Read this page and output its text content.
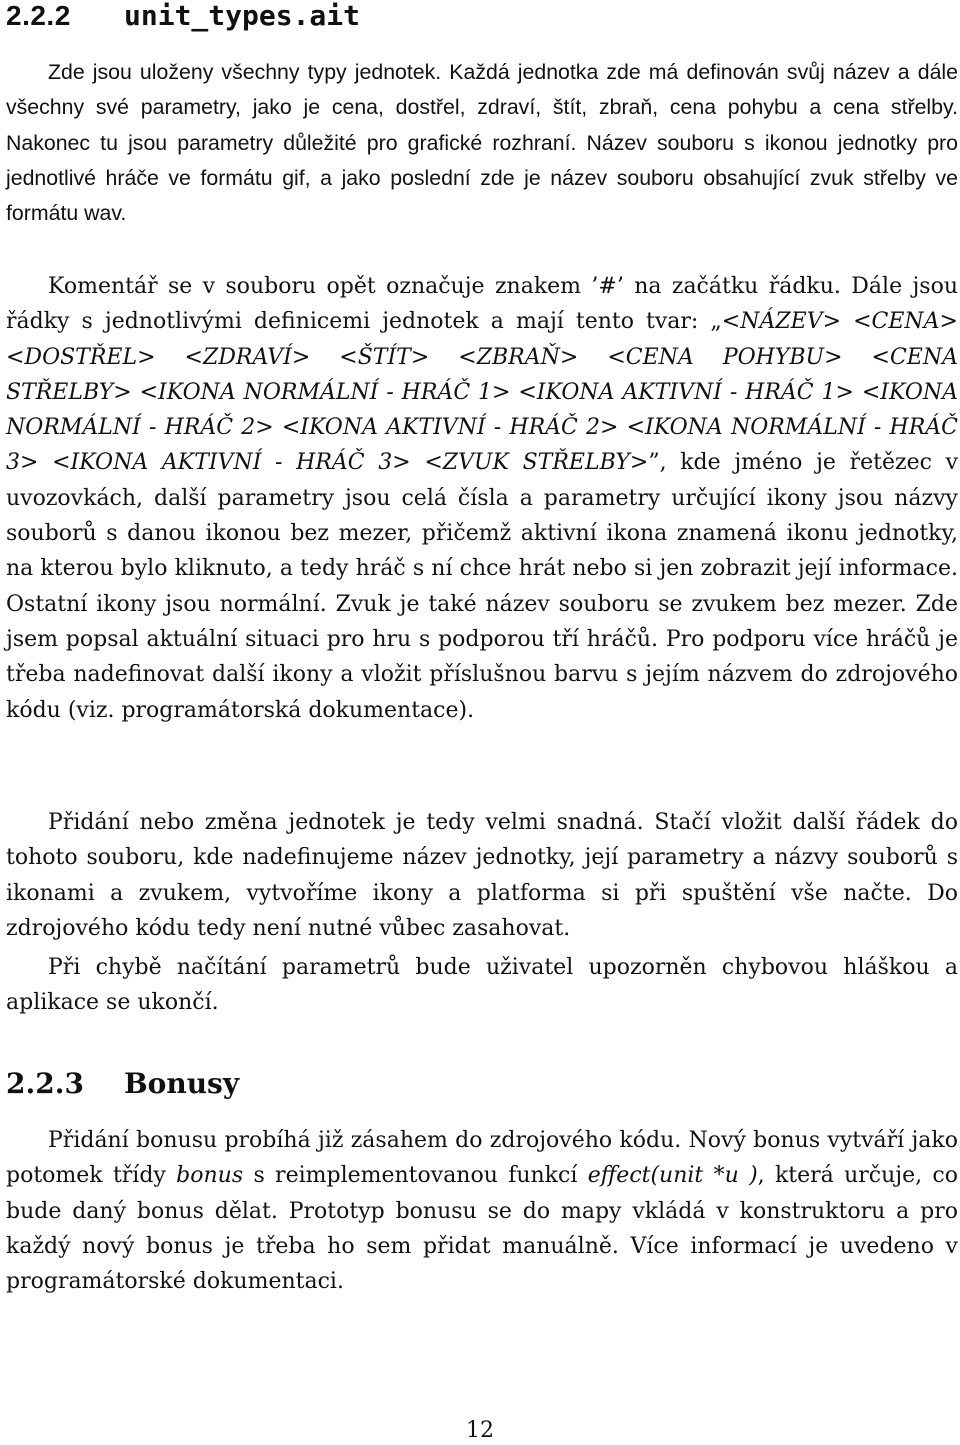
2.2.2 unit_types.ait

Zde jsou uloženy všechny typy jednotek. Každá jednotka zde má definován svůj název a dále všechny své parametry, jako je cena, dostřel, zdraví, štít, zbraň, cena pohybu a cena střelby. Nakonec tu jsou parametry důležité pro grafické rozhraní. Název souboru s ikonou jednotky pro jednotlivé hráče ve formátu gif, a jako poslední zde je název souboru obsahující zvuk střelby ve formátu wav.

Komentář se v souboru opět označuje znakem ’#’ na začátku řádku. Dále jsou řádky s jednotlivými definicemi jednotek a mají tento tvar: „<NÁZEV> <CENA> <DOSTŘEL> <ZDRAVÍ> <ŠTÍT> <ZBRAŇ> <CENA POHYBU> <CENA STŘELBY> <IKONA NORMÁLNÍ - HRÁČ 1> <IKONA AKTIVNÍ - HRÁČ 1> <IKONA NORMÁLNÍ - HRÁČ 2> <IKONA AKTIVNÍ - HRÁČ 2> <IKONA NORMÁLNÍ - HRÁČ 3> <IKONA AKTIVNÍ - HRÁČ 3> <ZVUK STŘELBY>”, kde jméno je řetězec v uvozovkách, další parametry jsou celá čísla a parametry určující ikony jsou názvy souborů s danou ikonou bez mezer, přičemž aktivní ikona znamená ikonu jednotky, na kterou bylo kliknuto, a tedy hráč s ní chce hrát nebo si jen zobrazit její informace. Ostatní ikony jsou normální. Zvuk je také název souboru se zvukem bez mezer. Zde jsem popsal aktuální situaci pro hru s podporou tří hráčů. Pro podporu více hráčů je třeba nadefinovat další ikony a vložit příslušnou barvu s jejím názvem do zdrojového kódu (viz. programátorská dokumentace).

Přidání nebo změna jednotek je tedy velmi snadná. Stačí vložit další řádek do tohoto souboru, kde nadefinujeme název jednotky, její parametry a názvy souborů s ikonami a zvukem, vytvoříme ikony a platforma si při spuštění vše načte. Do zdrojového kódu tedy není nutné vůbec zasahovat.

Při chybě načítání parametrů bude uživatel upozorněn chybovou hláškou a aplikace se ukončí.

2.2.3 Bonusy

Přidání bonusu probíhá již zásahem do zdrojového kódu. Nový bonus vytváří jako potomek třídy bonus s reimplementovanou funkcí effect(unit *u ), která určuje, co bude daný bonus dělat. Prototyp bonusu se do mapy vkládá v konstruktoru a pro každý nový bonus je třeba ho sem přidat manuálně. Více informací je uvedeno v programátorské dokumentaci.

12
